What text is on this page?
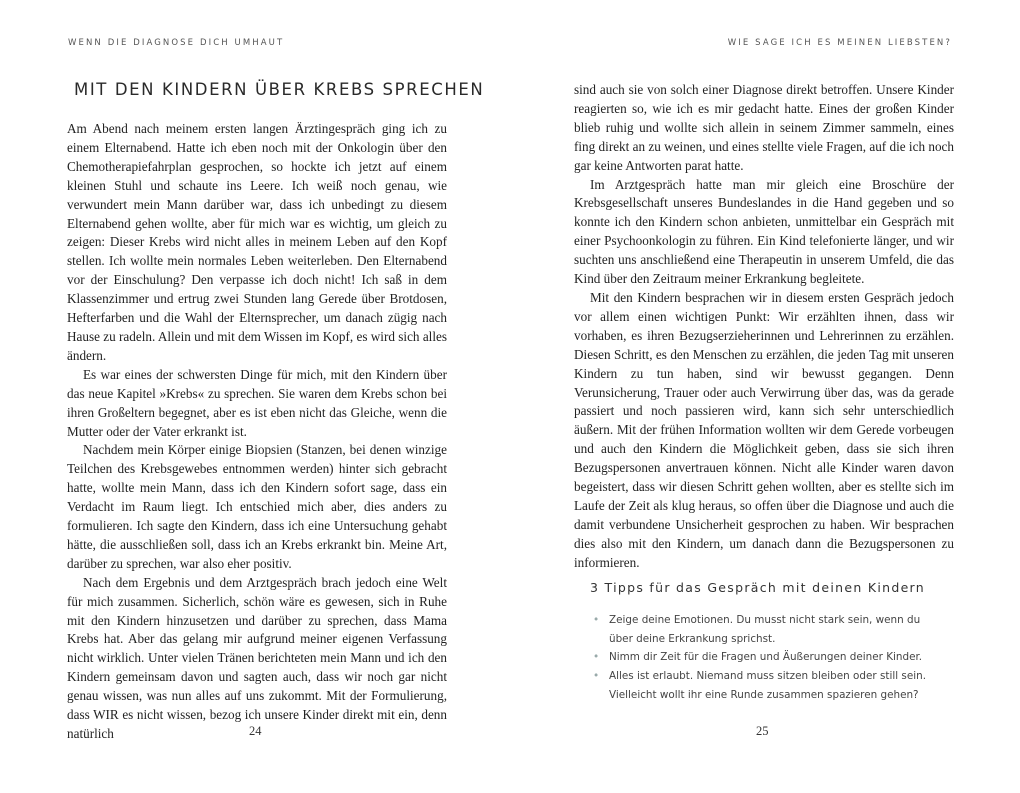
WENN DIE DIAGNOSE DICH UMHAUT
MIT DEN KINDERN ÜBER KREBS SPRECHEN

Am Abend nach meinem ersten langen Ärztingespräch ging ich zu einem Elternabend. Hatte ich eben noch mit der Onkologin über den Chemotherapiefahrplan gesprochen, so hockte ich jetzt auf einem kleinen Stuhl und schaute ins Leere. Ich weiß noch genau, wie verwundert mein Mann darüber war, dass ich unbedingt zu diesem Elternabend gehen wollte, aber für mich war es wichtig, um gleich zu zeigen: Dieser Krebs wird nicht alles in meinem Leben auf den Kopf stellen. Ich wollte mein normales Leben weiterleben. Den Elternabend vor der Einschulung? Den verpasse ich doch nicht! Ich saß in dem Klassenzimmer und ertrug zwei Stunden lang Gerede über Brotdosen, Hefterfarben und die Wahl der Elternsprecher, um danach zügig nach Hause zu radeln. Allein und mit dem Wissen im Kopf, es wird sich alles ändern.

Es war eines der schwersten Dinge für mich, mit den Kindern über das neue Kapitel »Krebs« zu sprechen. Sie waren dem Krebs schon bei ihren Großeltern begegnet, aber es ist eben nicht das Gleiche, wenn die Mutter oder der Vater erkrankt ist.

Nachdem mein Körper einige Biopsien (Stanzen, bei denen winzige Teilchen des Krebsgewebes entnommen werden) hinter sich gebracht hatte, wollte mein Mann, dass ich den Kindern sofort sage, dass ein Verdacht im Raum liegt. Ich entschied mich aber, dies anders zu formulieren. Ich sagte den Kindern, dass ich eine Untersuchung gehabt hätte, die ausschließen soll, dass ich an Krebs erkrankt bin. Meine Art, darüber zu sprechen, war also eher positiv.

Nach dem Ergebnis und dem Arztgespräch brach jedoch eine Welt für mich zusammen. Sicherlich, schön wäre es gewesen, sich in Ruhe mit den Kindern hinzusetzen und darüber zu sprechen, dass Mama Krebs hat. Aber das gelang mir aufgrund meiner eigenen Verfassung nicht wirklich. Unter vielen Tränen berichteten mein Mann und ich den Kindern gemeinsam davon und sagten auch, dass wir noch gar nicht genau wissen, was nun alles auf uns zukommt. Mit der Formulierung, dass WIR es nicht wissen, bezog ich unsere Kinder direkt mit ein, denn natürlich	24
WIE SAGE ICH ES MEINEN LIEBSTEN?

sind auch sie von solch einer Diagnose direkt betroffen. Unsere Kinder reagierten so, wie ich es mir gedacht hatte. Eines der großen Kinder blieb ruhig und wollte sich allein in seinem Zimmer sammeln, eines fing direkt an zu weinen, und eines stellte viele Fragen, auf die ich noch gar keine Antworten parat hatte.

Im Arztgespräch hatte man mir gleich eine Broschüre der Krebsgesellschaft unseres Bundeslandes in die Hand gegeben und so konnte ich den Kindern schon anbieten, unmittelbar ein Gespräch mit einer Psychoonkologin zu führen. Ein Kind telefonierte länger, und wir suchten uns anschließend eine Therapeutin in unserem Umfeld, die das Kind über den Zeitraum meiner Erkrankung begleitete.

Mit den Kindern besprachen wir in diesem ersten Gespräch jedoch vor allem einen wichtigen Punkt: Wir erzählten ihnen, dass wir vorhaben, es ihren Bezugserzieherinnen und Lehrerinnen zu erzählen. Diesen Schritt, es den Menschen zu erzählen, die jeden Tag mit unseren Kindern zu tun haben, sind wir bewusst gegangen. Denn Verunsicherung, Trauer oder auch Verwirrung über das, was da gerade passiert und noch passieren wird, kann sich sehr unterschiedlich äußern. Mit der frühen Information wollten wir dem Gerede vorbeugen und auch den Kindern die Möglichkeit geben, dass sie sich ihren Bezugspersonen anvertrauen können. Nicht alle Kinder waren davon begeistert, dass wir diesen Schritt gehen wollten, aber es stellte sich im Laufe der Zeit als klug heraus, so offen über die Diagnose und auch die damit verbundene Unsicherheit gesprochen zu haben. Wir besprachen dies also mit den Kindern, um danach dann die Bezugspersonen zu informieren.

3 Tipps für das Gespräch mit deinen Kindern
• Zeige deine Emotionen. Du musst nicht stark sein, wenn du über deine Erkrankung sprichst.
• Nimm dir Zeit für die Fragen und Äußerungen deiner Kinder.
• Alles ist erlaubt. Niemand muss sitzen bleiben oder still sein. Vielleicht wollt ihr eine Runde zusammen spazieren gehen?
25
